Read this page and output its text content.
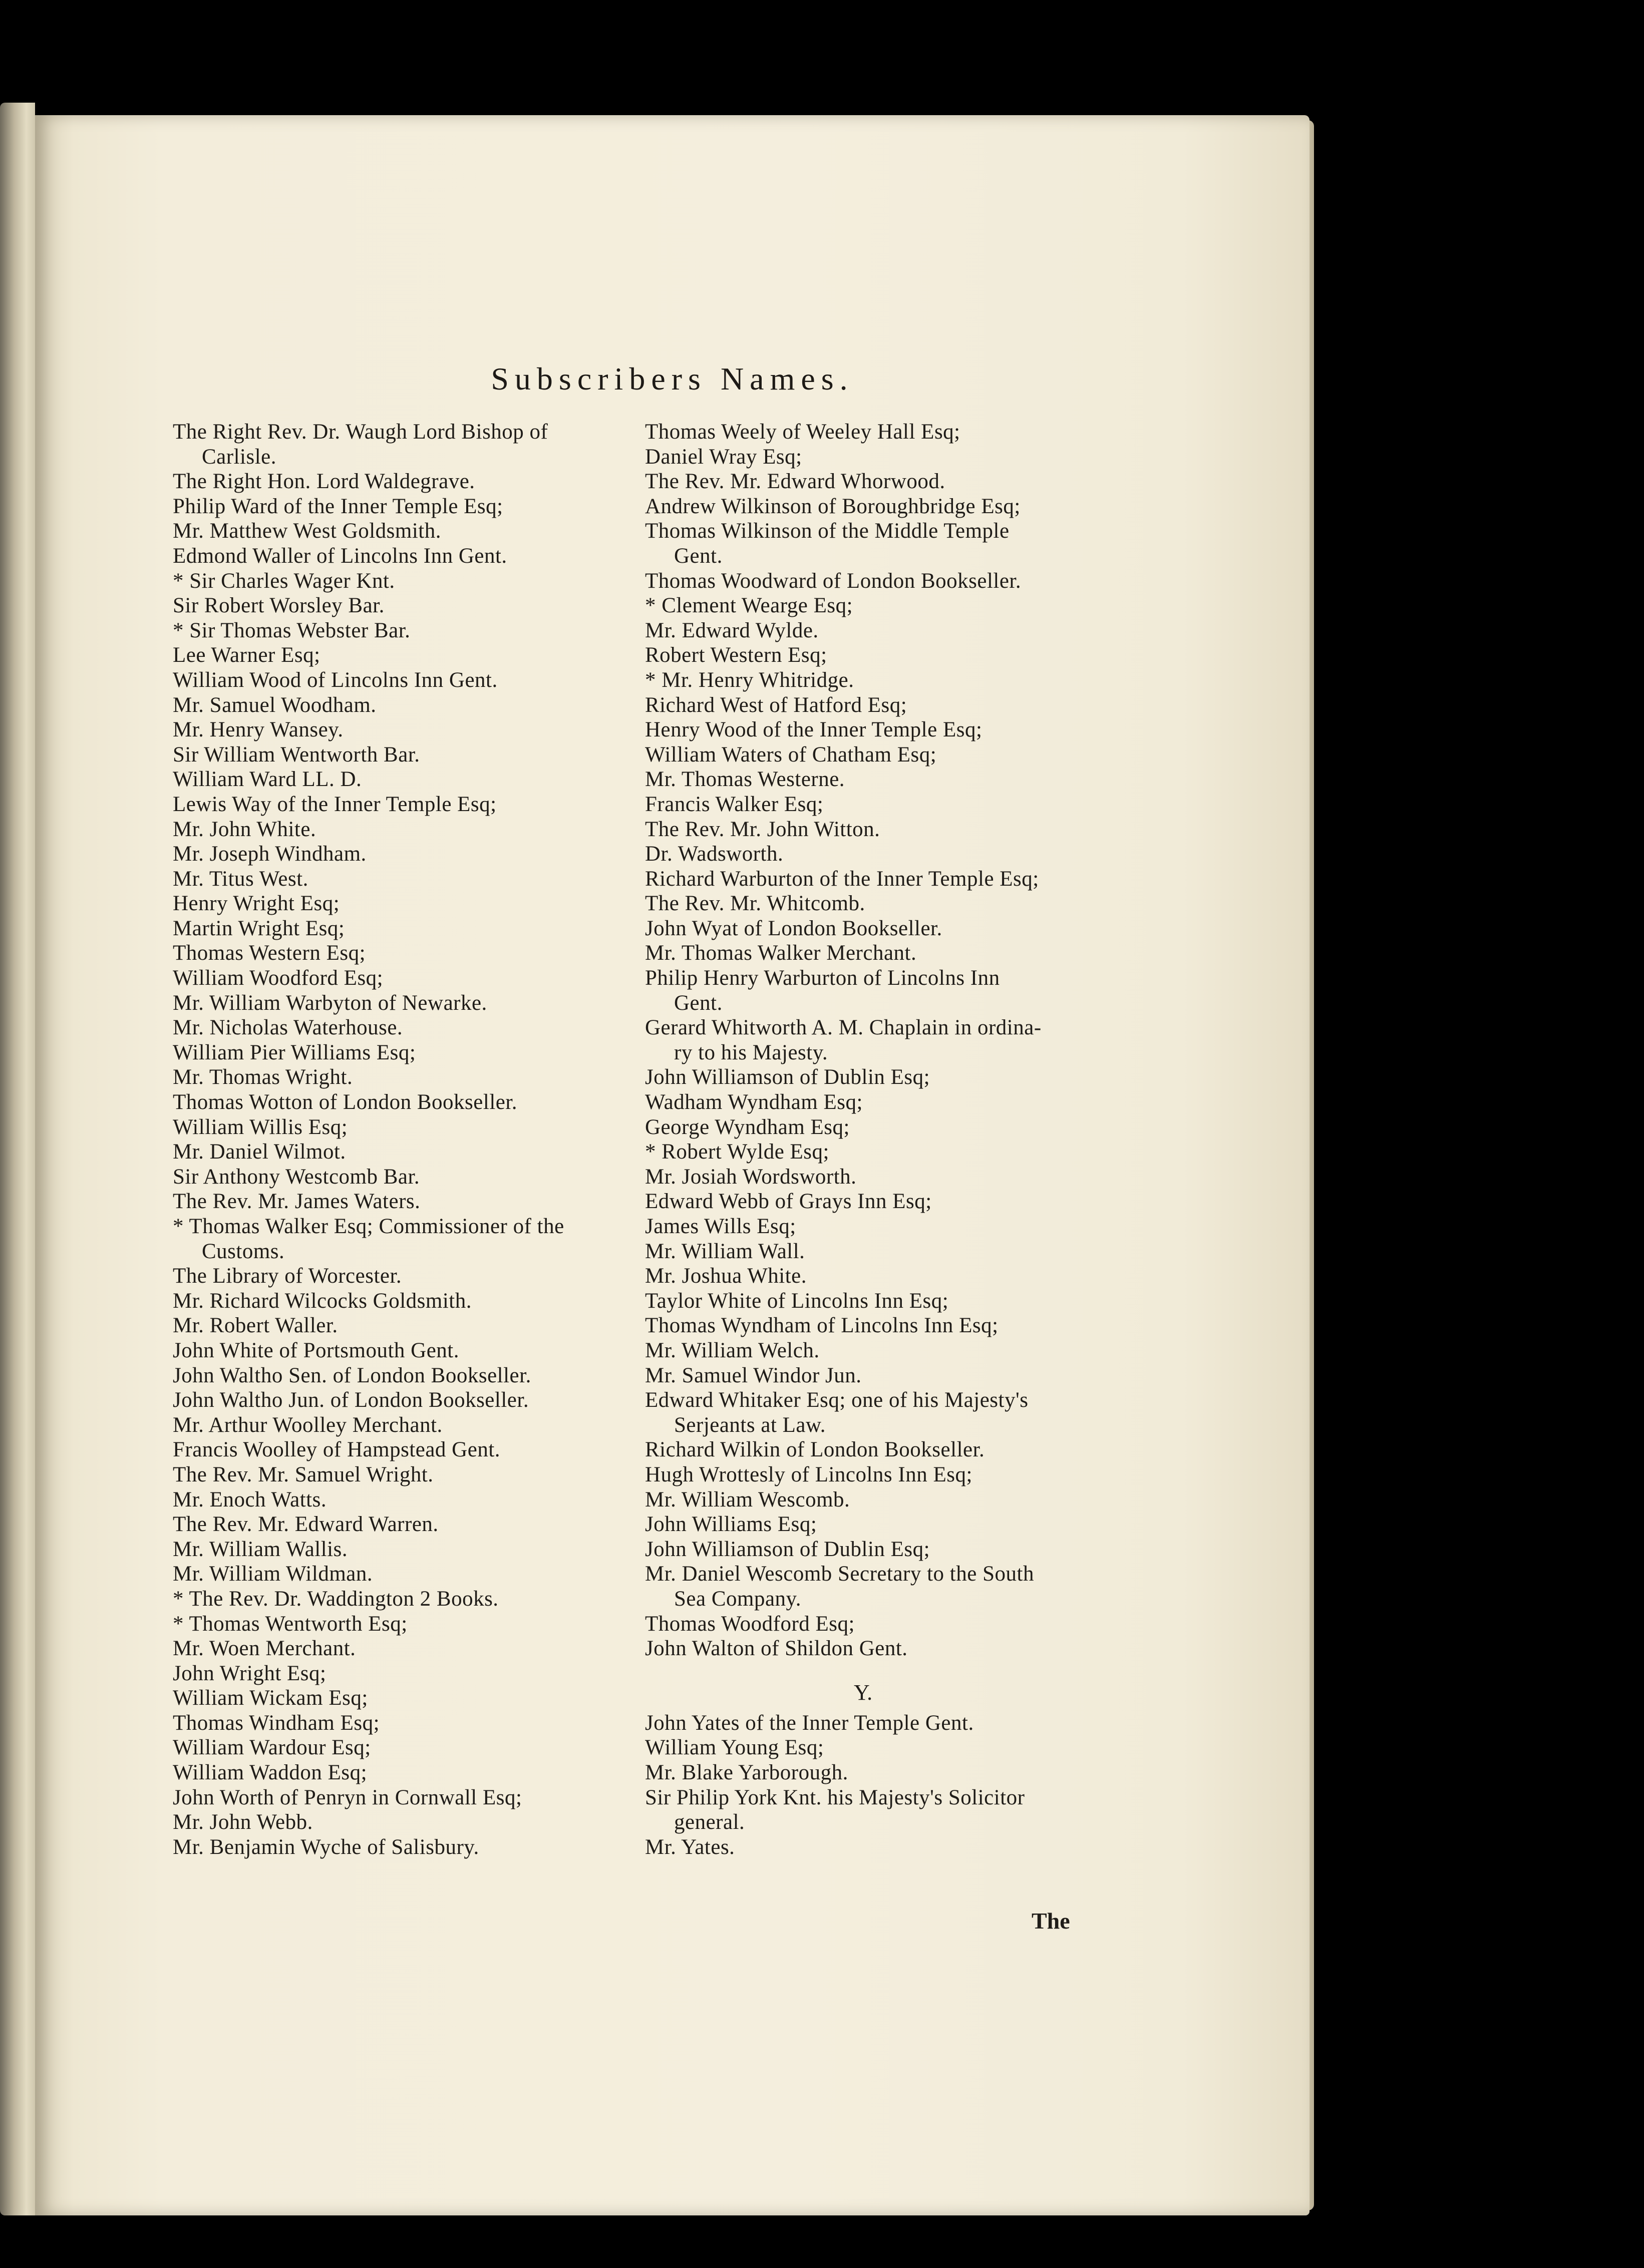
Subscribers Names.
The Right Rev. Dr. Waugh Lord Bishop of
Carlisle.
The Right Hon. Lord Waldegrave.
Philip Ward of the Inner Temple Esq;
Mr. Matthew West Goldsmith.
Edmond Waller of Lincolns Inn Gent.
* Sir Charles Wager Knt.
Sir Robert Worsley Bar.
* Sir Thomas Webster Bar.
Lee Warner Esq;
William Wood of Lincolns Inn Gent.
Mr. Samuel Woodham.
Mr. Henry Wansey.
Sir William Wentworth Bar.
William Ward LL. D.
Lewis Way of the Inner Temple Esq;
Mr. John White.
Mr. Joseph Windham.
Mr. Titus West.
Henry Wright Esq;
Martin Wright Esq;
Thomas Western Esq;
William Woodford Esq;
Mr. William Warbyton of Newarke.
Mr. Nicholas Waterhouse.
William Pier Williams Esq;
Mr. Thomas Wright.
Thomas Wotton of London Bookseller.
William Willis Esq;
Mr. Daniel Wilmot.
Sir Anthony Westcomb Bar.
The Rev. Mr. James Waters.
* Thomas Walker Esq; Commissioner of the
Customs.
The Library of Worcester.
Mr. Richard Wilcocks Goldsmith.
Mr. Robert Waller.
John White of Portsmouth Gent.
John Waltho Sen. of London Bookseller.
John Waltho Jun. of London Bookseller.
Mr. Arthur Woolley Merchant.
Francis Woolley of Hampstead Gent.
The Rev. Mr. Samuel Wright.
Mr. Enoch Watts.
The Rev. Mr. Edward Warren.
Mr. William Wallis.
Mr. William Wildman.
* The Rev. Dr. Waddington 2 Books.
* Thomas Wentworth Esq;
Mr. Woen Merchant.
John Wright Esq;
William Wickam Esq;
Thomas Windham Esq;
William Wardour Esq;
William Waddon Esq;
John Worth of Penryn in Cornwall Esq;
Mr. John Webb.
Mr. Benjamin Wyche of Salisbury.
Thomas Weely of Weeley Hall Esq;
Daniel Wray Esq;
The Rev. Mr. Edward Whorwood.
Andrew Wilkinson of Boroughbridge Esq;
Thomas Wilkinson of the Middle Temple
Gent.
Thomas Woodward of London Bookseller.
* Clement Wearge Esq;
Mr. Edward Wylde.
Robert Western Esq;
* Mr. Henry Whitridge.
Richard West of Hatford Esq;
Henry Wood of the Inner Temple Esq;
William Waters of Chatham Esq;
Mr. Thomas Westerne.
Francis Walker Esq;
The Rev. Mr. John Witton.
Dr. Wadsworth.
Richard Warburton of the Inner Temple Esq;
The Rev. Mr. Whitcomb.
John Wyat of London Bookseller.
Mr. Thomas Walker Merchant.
Philip Henry Warburton of Lincolns Inn
Gent.
Gerard Whitworth A. M. Chaplain in ordina-
ry to his Majesty.
John Williamson of Dublin Esq;
Wadham Wyndham Esq;
George Wyndham Esq;
* Robert Wylde Esq;
Mr. Josiah Wordsworth.
Edward Webb of Grays Inn Esq;
James Wills Esq;
Mr. William Wall.
Mr. Joshua White.
Taylor White of Lincolns Inn Esq;
Thomas Wyndham of Lincolns Inn Esq;
Mr. William Welch.
Mr. Samuel Windor Jun.
Edward Whitaker Esq; one of his Majesty's
Serjeants at Law.
Richard Wilkin of London Bookseller.
Hugh Wrottesly of Lincolns Inn Esq;
Mr. William Wescomb.
John Williams Esq;
John Williamson of Dublin Esq;
Mr. Daniel Wescomb Secretary to the South
Sea Company.
Thomas Woodford Esq;
John Walton of Shildon Gent.
John Yates of the Inner Temple Gent.
William Young Esq;
Mr. Blake Yarborough.
Sir Philip York Knt. his Majesty's Solicitor
general.
Mr. Yates.
Y.
The
